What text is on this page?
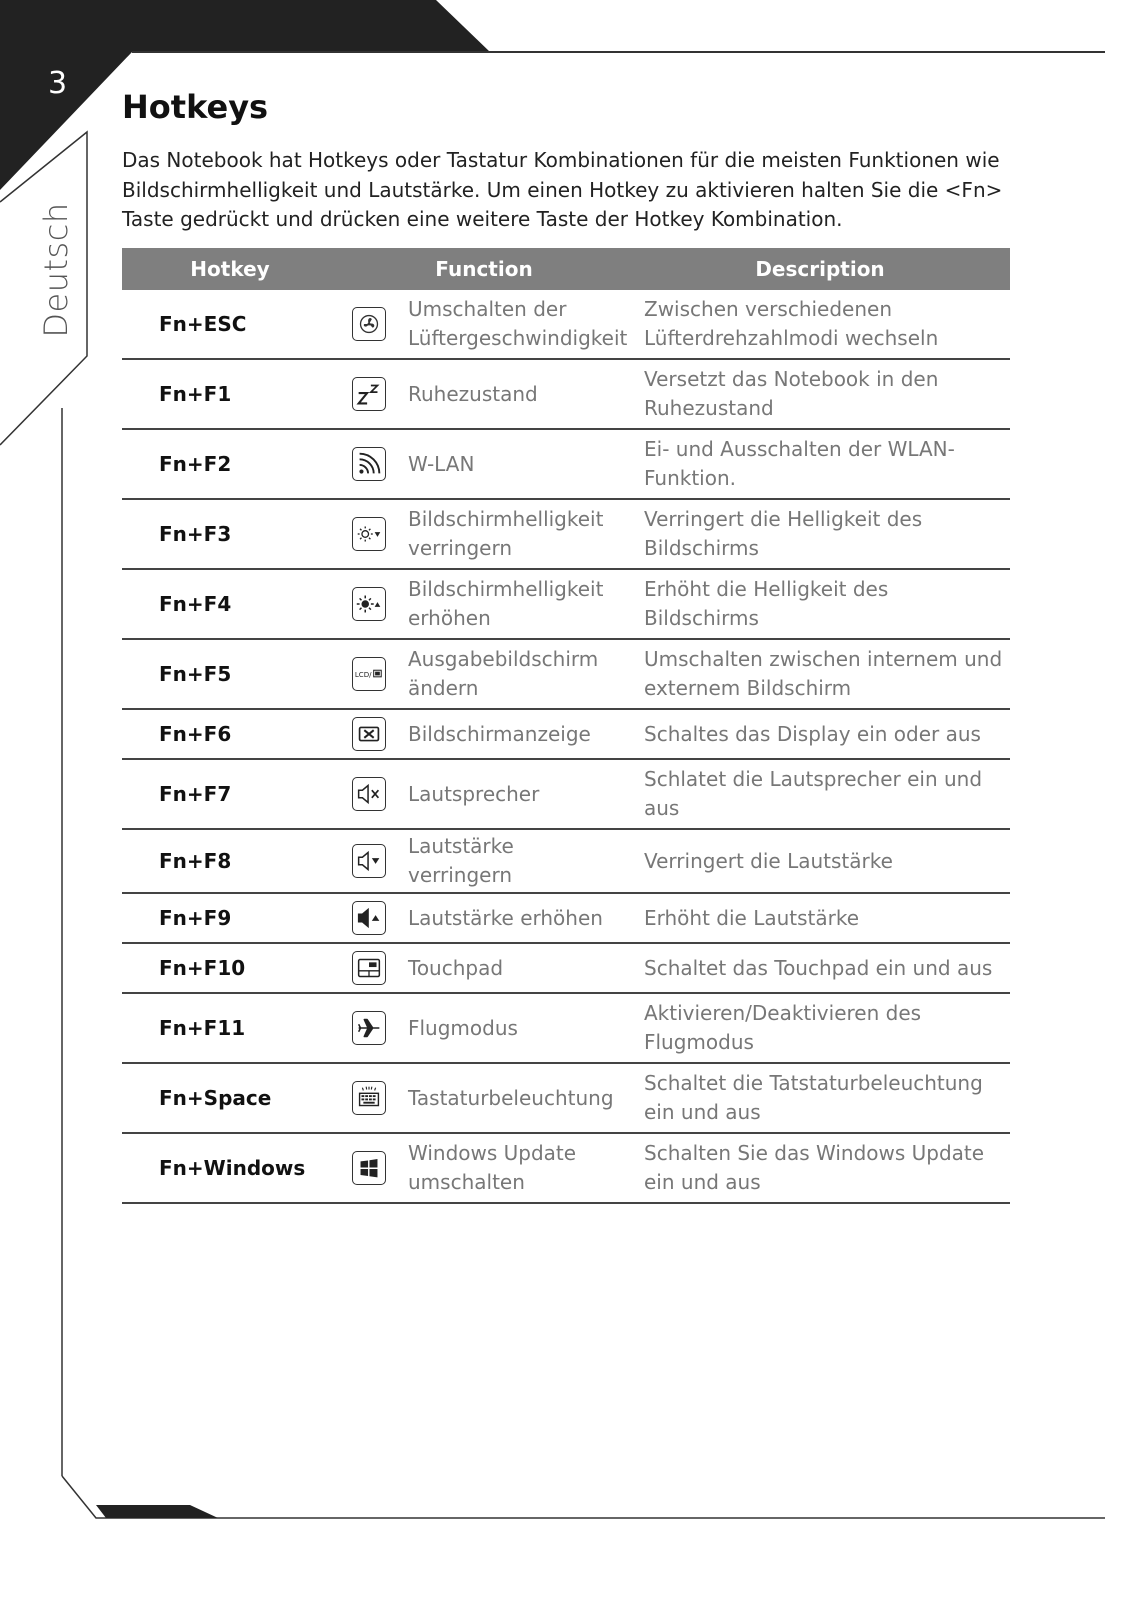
3
Deutsch
Hotkeys

Das Notebook hat Hotkeys oder Tastatur Kombinationen für die meisten Funktionen wie Bildschirmhelligkeit und Lautstärke. Um einen Hotkey zu aktivieren halten Sie die <Fn> Taste gedrückt und drücken eine weitere Taste der Hotkey Kombination.

Hotkey	Function		Description
Fn+ESC		Umschalten der Lüftergeschwindigkeit	Zwischen verschiedenen Lüfterdrehzahlmodi wechseln
Fn+F1		Ruhezustand	Versetzt das Notebook in den Ruhezustand
Fn+F2		W-LAN	Ei- und Ausschalten der WLAN-Funktion.
Fn+F3		Bildschirmhelligkeit verringern	Verringert die Helligkeit des Bildschirms
Fn+F4		Bildschirmhelligkeit erhöhen	Erhöht die Helligkeit des Bildschirms
Fn+F5	LCD/	Ausgabebildschirm ändern	Umschalten zwischen internem und externem Bildschirm
Fn+F6		Bildschirmanzeige	Schaltes das Display ein oder aus
Fn+F7		Lautsprecher	Schlatet die Lautsprecher ein und aus
Fn+F8		Lautstärke verringern	Verringert die Lautstärke
Fn+F9		Lautstärke erhöhen	Erhöht die Lautstärke
Fn+F10		Touchpad	Schaltet das Touchpad ein und aus
Fn+F11		Flugmodus	Aktivieren/Deaktivieren des Flugmodus
Fn+Space		Tastaturbeleuchtung	Schaltet die Tatstaturbeleuchtung ein und aus
Fn+Windows		Windows Update umschalten	Schalten Sie das Windows Update ein und aus
